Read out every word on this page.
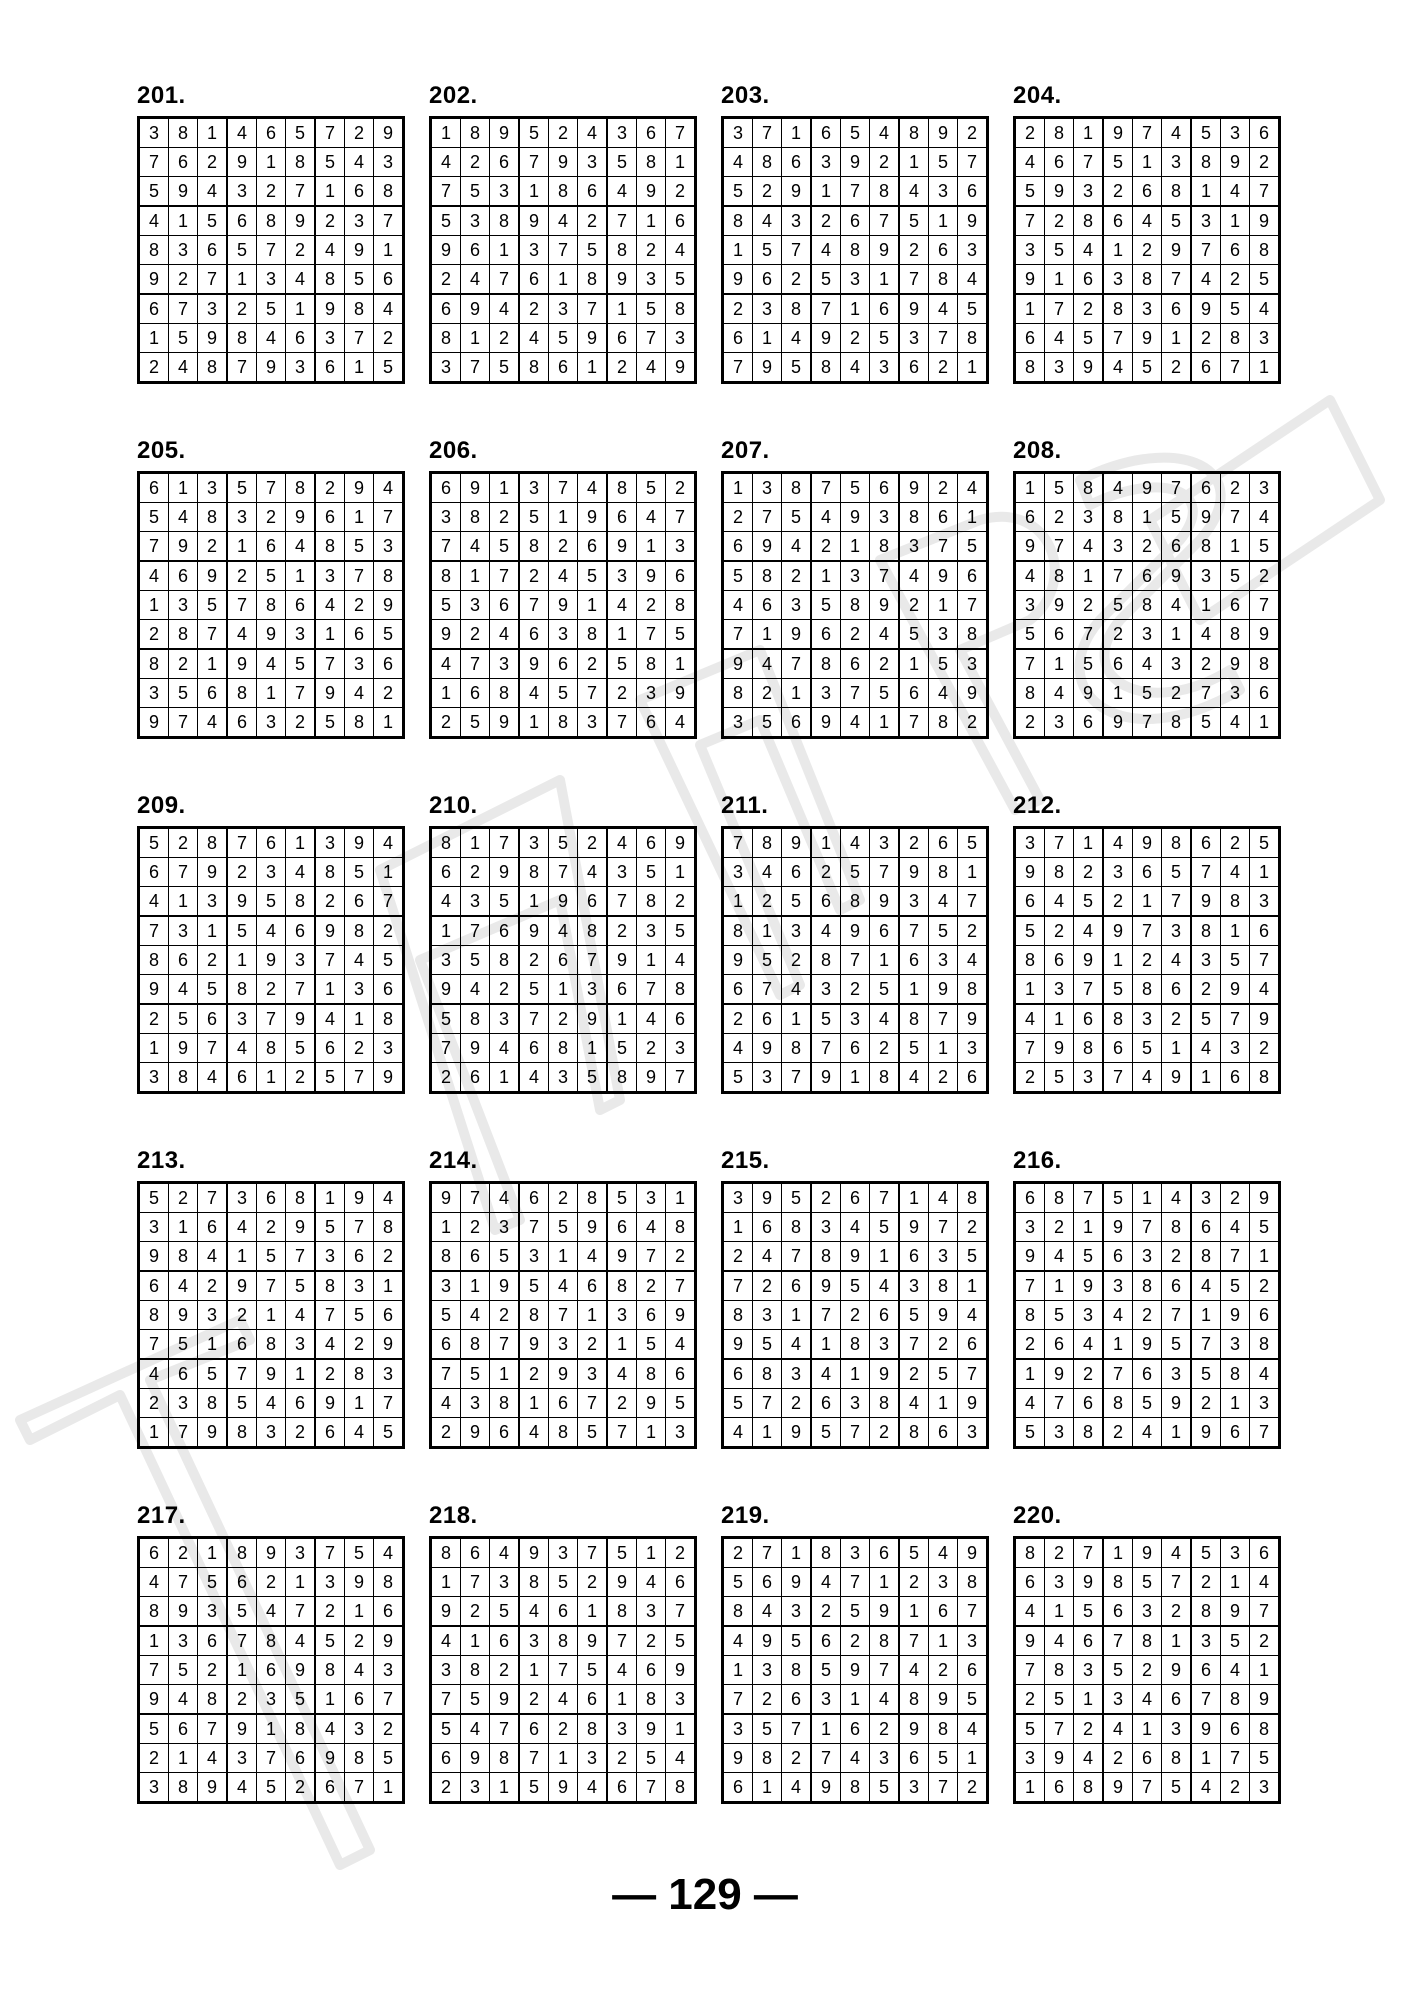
201.
3	8	1	4	6	5	7	2	9
7	6	2	9	1	8	5	4	3
5	9	4	3	2	7	1	6	8
4	1	5	6	8	9	2	3	7
8	3	6	5	7	2	4	9	1
9	2	7	1	3	4	8	5	6
6	7	3	2	5	1	9	8	4
1	5	9	8	4	6	3	7	2
2	4	8	7	9	3	6	1	5
202.
1	8	9	5	2	4	3	6	7
4	2	6	7	9	3	5	8	1
7	5	3	1	8	6	4	9	2
5	3	8	9	4	2	7	1	6
9	6	1	3	7	5	8	2	4
2	4	7	6	1	8	9	3	5
6	9	4	2	3	7	1	5	8
8	1	2	4	5	9	6	7	3
3	7	5	8	6	1	2	4	9
203.
3	7	1	6	5	4	8	9	2
4	8	6	3	9	2	1	5	7
5	2	9	1	7	8	4	3	6
8	4	3	2	6	7	5	1	9
1	5	7	4	8	9	2	6	3
9	6	2	5	3	1	7	8	4
2	3	8	7	1	6	9	4	5
6	1	4	9	2	5	3	7	8
7	9	5	8	4	3	6	2	1
204.
2	8	1	9	7	4	5	3	6
4	6	7	5	1	3	8	9	2
5	9	3	2	6	8	1	4	7
7	2	8	6	4	5	3	1	9
3	5	4	1	2	9	7	6	8
9	1	6	3	8	7	4	2	5
1	7	2	8	3	6	9	5	4
6	4	5	7	9	1	2	8	3
8	3	9	4	5	2	6	7	1
205.
6	1	3	5	7	8	2	9	4
5	4	8	3	2	9	6	1	7
7	9	2	1	6	4	8	5	3
4	6	9	2	5	1	3	7	8
1	3	5	7	8	6	4	2	9
2	8	7	4	9	3	1	6	5
8	2	1	9	4	5	7	3	6
3	5	6	8	1	7	9	4	2
9	7	4	6	3	2	5	8	1
206.
6	9	1	3	7	4	8	5	2
3	8	2	5	1	9	6	4	7
7	4	5	8	2	6	9	1	3
8	1	7	2	4	5	3	9	6
5	3	6	7	9	1	4	2	8
9	2	4	6	3	8	1	7	5
4	7	3	9	6	2	5	8	1
1	6	8	4	5	7	2	3	9
2	5	9	1	8	3	7	6	4
207.
1	3	8	7	5	6	9	2	4
2	7	5	4	9	3	8	6	1
6	9	4	2	1	8	3	7	5
5	8	2	1	3	7	4	9	6
4	6	3	5	8	9	2	1	7
7	1	9	6	2	4	5	3	8
9	4	7	8	6	2	1	5	3
8	2	1	3	7	5	6	4	9
3	5	6	9	4	1	7	8	2
208.
1	5	8	4	9	7	6	2	3
6	2	3	8	1	5	9	7	4
9	7	4	3	2	6	8	1	5
4	8	1	7	6	9	3	5	2
3	9	2	5	8	4	1	6	7
5	6	7	2	3	1	4	8	9
7	1	5	6	4	3	2	9	8
8	4	9	1	5	2	7	3	6
2	3	6	9	7	8	5	4	1
209.
5	2	8	7	6	1	3	9	4
6	7	9	2	3	4	8	5	1
4	1	3	9	5	8	2	6	7
7	3	1	5	4	6	9	8	2
8	6	2	1	9	3	7	4	5
9	4	5	8	2	7	1	3	6
2	5	6	3	7	9	4	1	8
1	9	7	4	8	5	6	2	3
3	8	4	6	1	2	5	7	9
210.
8	1	7	3	5	2	4	6	9
6	2	9	8	7	4	3	5	1
4	3	5	1	9	6	7	8	2
1	7	6	9	4	8	2	3	5
3	5	8	2	6	7	9	1	4
9	4	2	5	1	3	6	7	8
5	8	3	7	2	9	1	4	6
7	9	4	6	8	1	5	2	3
2	6	1	4	3	5	8	9	7
211.
7	8	9	1	4	3	2	6	5
3	4	6	2	5	7	9	8	1
1	2	5	6	8	9	3	4	7
8	1	3	4	9	6	7	5	2
9	5	2	8	7	1	6	3	4
6	7	4	3	2	5	1	9	8
2	6	1	5	3	4	8	7	9
4	9	8	7	6	2	5	1	3
5	3	7	9	1	8	4	2	6
212.
3	7	1	4	9	8	6	2	5
9	8	2	3	6	5	7	4	1
6	4	5	2	1	7	9	8	3
5	2	4	9	7	3	8	1	6
8	6	9	1	2	4	3	5	7
1	3	7	5	8	6	2	9	4
4	1	6	8	3	2	5	7	9
7	9	8	6	5	1	4	3	2
2	5	3	7	4	9	1	6	8
213.
5	2	7	3	6	8	1	9	4
3	1	6	4	2	9	5	7	8
9	8	4	1	5	7	3	6	2
6	4	2	9	7	5	8	3	1
8	9	3	2	1	4	7	5	6
7	5	1	6	8	3	4	2	9
4	6	5	7	9	1	2	8	3
2	3	8	5	4	6	9	1	7
1	7	9	8	3	2	6	4	5
214.
9	7	4	6	2	8	5	3	1
1	2	3	7	5	9	6	4	8
8	6	5	3	1	4	9	7	2
3	1	9	5	4	6	8	2	7
5	4	2	8	7	1	3	6	9
6	8	7	9	3	2	1	5	4
7	5	1	2	9	3	4	8	6
4	3	8	1	6	7	2	9	5
2	9	6	4	8	5	7	1	3
215.
3	9	5	2	6	7	1	4	8
1	6	8	3	4	5	9	7	2
2	4	7	8	9	1	6	3	5
7	2	6	9	5	4	3	8	1
8	3	1	7	2	6	5	9	4
9	5	4	1	8	3	7	2	6
6	8	3	4	1	9	2	5	7
5	7	2	6	3	8	4	1	9
4	1	9	5	7	2	8	6	3
216.
6	8	7	5	1	4	3	2	9
3	2	1	9	7	8	6	4	5
9	4	5	6	3	2	8	7	1
7	1	9	3	8	6	4	5	2
8	5	3	4	2	7	1	9	6
2	6	4	1	9	5	7	3	8
1	9	2	7	6	3	5	8	4
4	7	6	8	5	9	2	1	3
5	3	8	2	4	1	9	6	7
217.
6	2	1	8	9	3	7	5	4
4	7	5	6	2	1	3	9	8
8	9	3	5	4	7	2	1	6
1	3	6	7	8	4	5	2	9
7	5	2	1	6	9	8	4	3
9	4	8	2	3	5	1	6	7
5	6	7	9	1	8	4	3	2
2	1	4	3	7	6	9	8	5
3	8	9	4	5	2	6	7	1
218.
8	6	4	9	3	7	5	1	2
1	7	3	8	5	2	9	4	6
9	2	5	4	6	1	8	3	7
4	1	6	3	8	9	7	2	5
3	8	2	1	7	5	4	6	9
7	5	9	2	4	6	1	8	3
5	4	7	6	2	8	3	9	1
6	9	8	7	1	3	2	5	4
2	3	1	5	9	4	6	7	8
219.
2	7	1	8	3	6	5	4	9
5	6	9	4	7	1	2	3	8
8	4	3	2	5	9	1	6	7
4	9	5	6	2	8	7	1	3
1	3	8	5	9	7	4	2	6
7	2	6	3	1	4	8	9	5
3	5	7	1	6	2	9	8	4
9	8	2	7	4	3	6	5	1
6	1	4	9	8	5	3	7	2
220.
8	2	7	1	9	4	5	3	6
6	3	9	8	5	7	2	1	4
4	1	5	6	3	2	8	9	7
9	4	6	7	8	1	3	5	2
7	8	3	5	2	9	6	4	1
2	5	1	3	4	6	7	8	9
5	7	2	4	1	3	9	6	8
3	9	4	2	6	8	1	7	5
1	6	8	9	7	5	4	2	3
— 129 —
